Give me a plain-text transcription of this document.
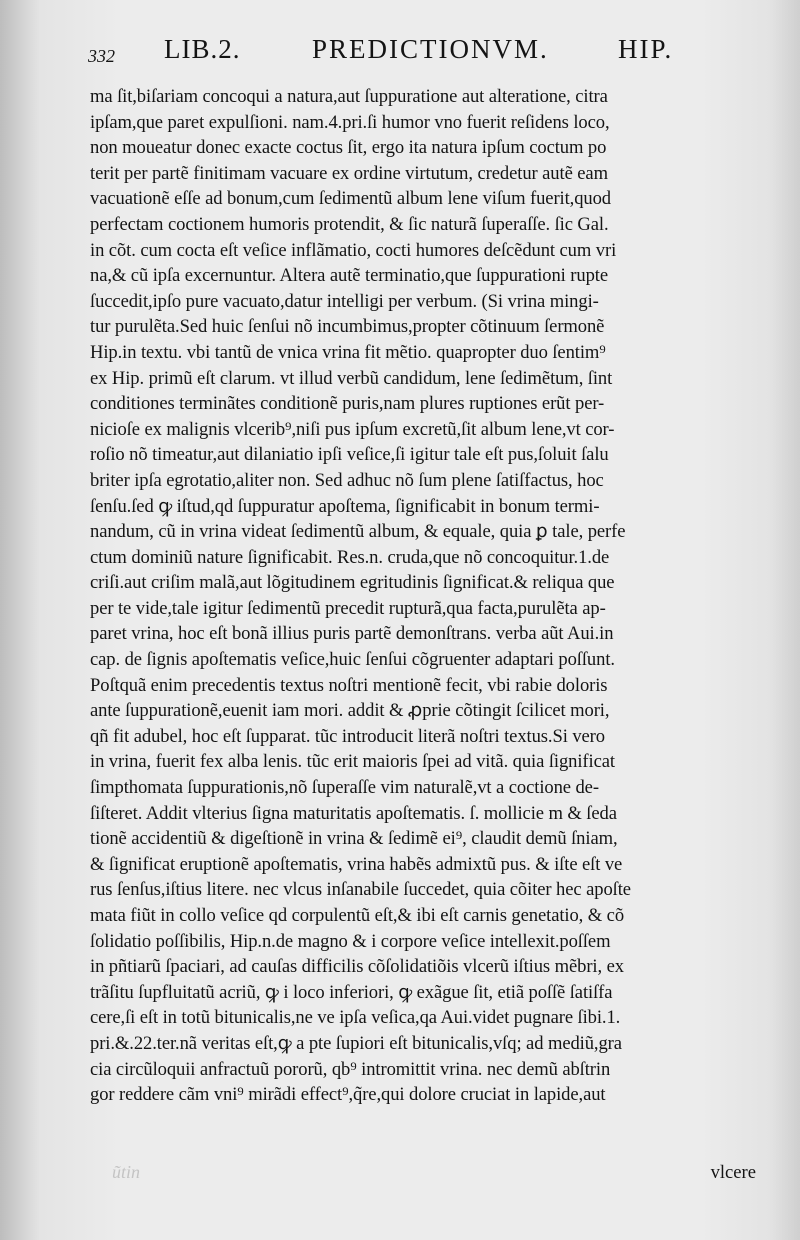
332 LIB.2.	PREDICTIONVM.	HIP.
ma ſit,biſariam concoqui a natura,aut ſuppuratione aut alteratione, citra
ipſam,que paret expulſioni. nam.4.pri.ſi humor vno fuerit reſidens loco,
non moueatur donec exacte coctus ſit, ergo ita natura ipſum coctum po
terit per partẽ finitimam vacuare ex ordine virtutum, credetur autẽ eam
vacuationẽ eſſe ad bonum,cum ſedimentũ album lene viſum fuerit,quod
perfectam coctionem humoris protendit, & ſic naturã ſuperaſſe. ſic Gal.
in cõt. cum cocta eſt veſice inflãmatio, cocti humores deſcẽdunt cum vri
na,& cũ ipſa excernuntur. Altera autẽ terminatio,que ſuppurationi rupte
ſuccedit,ipſo pure vacuato,datur intelligi per verbum. (Si vrina mingi-
tur purulẽta.Sed huic ſenſui nõ incumbimus,propter cõtinuum ſermonẽ
Hip.in textu. vbi tantũ de vnica vrina fit mẽtio. quapropter duo ſentim⁹
ex Hip. primũ eſt clarum. vt illud verbũ candidum, lene ſedimẽtum, ſint
conditiones terminãtes conditionẽ puris,nam plures ruptiones erũt per-
nicioſe ex malignis vlcerib⁹,niſi pus ipſum excretũ,ſit album lene,vt cor-
roſio nõ timeatur,aut dilaniatio ipſi veſice,ſi igitur tale eſt pus,ſoluit ſalu
briter ipſa egrotatio,aliter non. Sed adhuc nõ ſum plene ſatiſfactus, hoc
ſenſu.ſed ꝙ iſtud,qd ſuppuratur apoſtema, ſignificabit in bonum termi-
nandum, cũ in vrina videat ſedimentũ album, & equale, quia ꝑ tale, perfe
ctum dominiũ nature ſignificabit. Res.n. cruda,que nõ concoquitur.1.de
criſi.aut criſim malã,aut lõgitudinem egritudinis ſignificat.& reliqua que
per te vide,tale igitur ſedimentũ precedit rupturã,qua facta,purulẽta ap-
paret vrina, hoc eſt bonã illius puris partẽ demonſtrans. verba aũt Aui.in
cap. de ſignis apoſtematis veſice,huic ſenſui cõgruenter adaptari poſſunt.
Poſtquã enim precedentis textus noſtri mentionẽ fecit, vbi rabie doloris
ante ſuppurationẽ,euenit iam mori. addit & ꝓprie cõtingit ſcilicet mori,
qñ fit adubel, hoc eſt ſupparat. tũc introducit literã noſtri textus.Si vero
in vrina, fuerit fex alba lenis. tũc erit maioris ſpei ad vitã. quia ſignificat
ſimpthomata ſuppurationis,nõ ſuperaſſe vim naturalẽ,vt a coctione de-
ſiſteret. Addit vlterius ſigna maturitatis apoſtematis. ſ. mollicie m & ſeda
tionẽ accidentiũ & digeſtionẽ in vrina & ſedimẽ ei⁹, claudit demũ ſniam,
& ſignificat eruptionẽ apoſtematis, vrina habẽs admixtũ pus. & iſte eſt ve
rus ſenſus,iſtius litere. nec vlcus inſanabile ſuccedet, quia cõiter hec apoſte
mata fiũt in collo veſice qd corpulentũ eſt,& ibi eſt carnis genetatio, & cõ
ſolidatio poſſibilis, Hip.n.de magno & i corpore veſice intellexit.poſſem
in pñtiarũ ſpaciari, ad cauſas difficilis cõſolidatiõis vlcerũ iſtius mẽbri, ex
trãſitu ſupfluitatũ acriũ, ꝙ i loco inferiori, ꝙ exãgue ſit, etiã poſſẽ ſatiſfa
cere,ſi eſt in totũ bitunicalis,ne ve ipſa veſica,qa Aui.videt pugnare ſibi.1.
pri.&.22.ter.nã veritas eſt,ꝙ a pte ſupiori eſt bitunicalis,vſq; ad mediũ,gra
cia circũloquii anfractuũ pororũ, qb⁹ intromittit vrina. nec demũ abſtrin
gor reddere cãm vni⁹ mirãdi effect⁹,q̃re,qui dolore cruciat in lapide,aut
ũtin	vlcere
